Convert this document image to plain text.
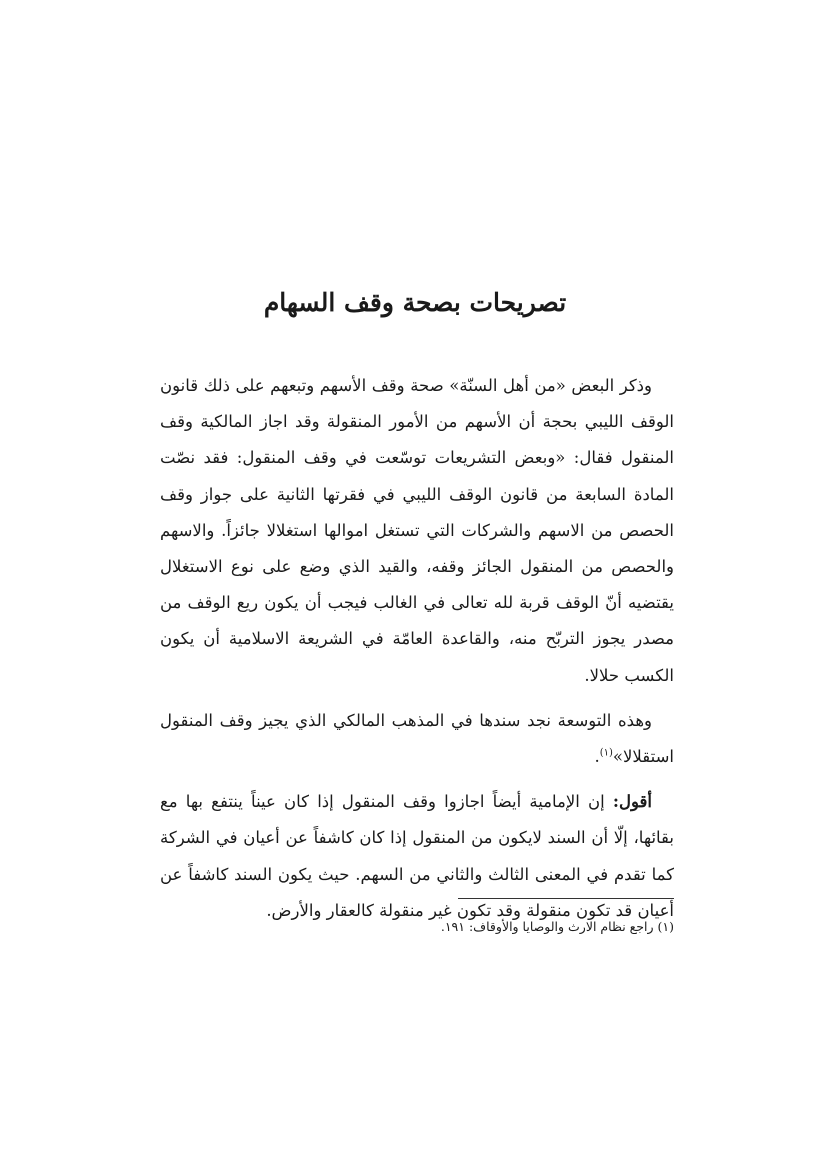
تصريحات بصحة وقف السهام

وذكر البعض «من أهل السنّة» صحة وقف الأسهم وتبعهم على ذلك قانون الوقف الليبي بحجة أن الأسهم من الأمور المنقولة وقد اجاز المالكية وقف المنقول فقال: «وبعض التشريعات توسّعت في وقف المنقول: فقد نصّت المادة السابعة من قانون الوقف الليبي في فقرتها الثانية على جواز وقف الحصص من الاسهم والشركات التي تستغل اموالها استغلالا جائزاً. والاسهم والحصص من المنقول الجائز وقفه، والقيد الذي وضع على نوع الاستغلال يقتضيه أنّ الوقف قربة لله تعالى في الغالب فيجب أن يكون ريع الوقف من مصدر يجوز التربّح منه، والقاعدة العامّة في الشريعة الاسلامية أن يكون الكسب حلالا.

وهذه التوسعة نجد سندها في المذهب المالكي الذي يجيز وقف المنقول استقلالا»$^{(١)}$.

أقول: إن الإمامية أيضاً اجازوا وقف المنقول إذا كان عيناً ينتفع بها مع بقائها، إلّا أن السند لايكون من المنقول إذا كان كاشفاً عن أعيان في الشركة كما تقدم في المعنى الثالث والثاني من السهم. حيث يكون السند كاشفاً عن أعيان قد تكون منقولة وقد تكون غير منقولة كالعقار والأرض.

(١) راجع نظام الارث والوصايا والأوقاف: ١٩١.
